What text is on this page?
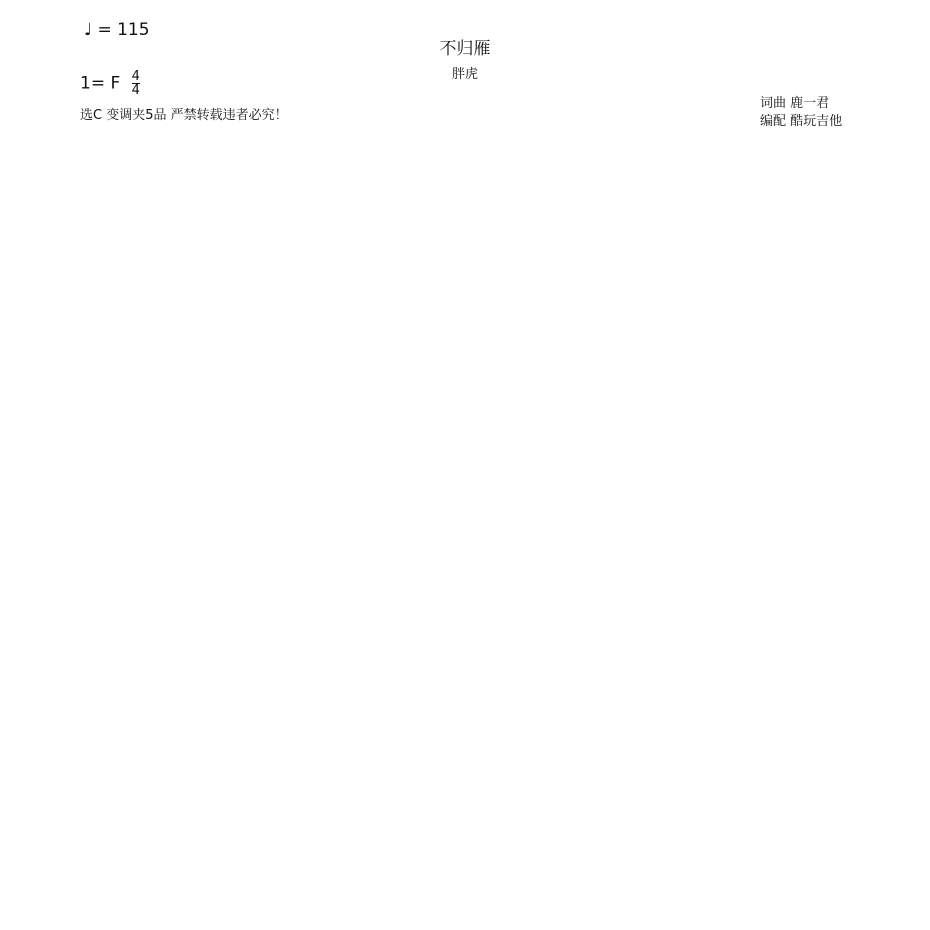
♩ = 115
不归雁
胖虎
1= F $\frac{4}{4}$
选C 变调夹5品 严禁转载违者必究！
词曲 鹿一君
编配 酷玩吉他
